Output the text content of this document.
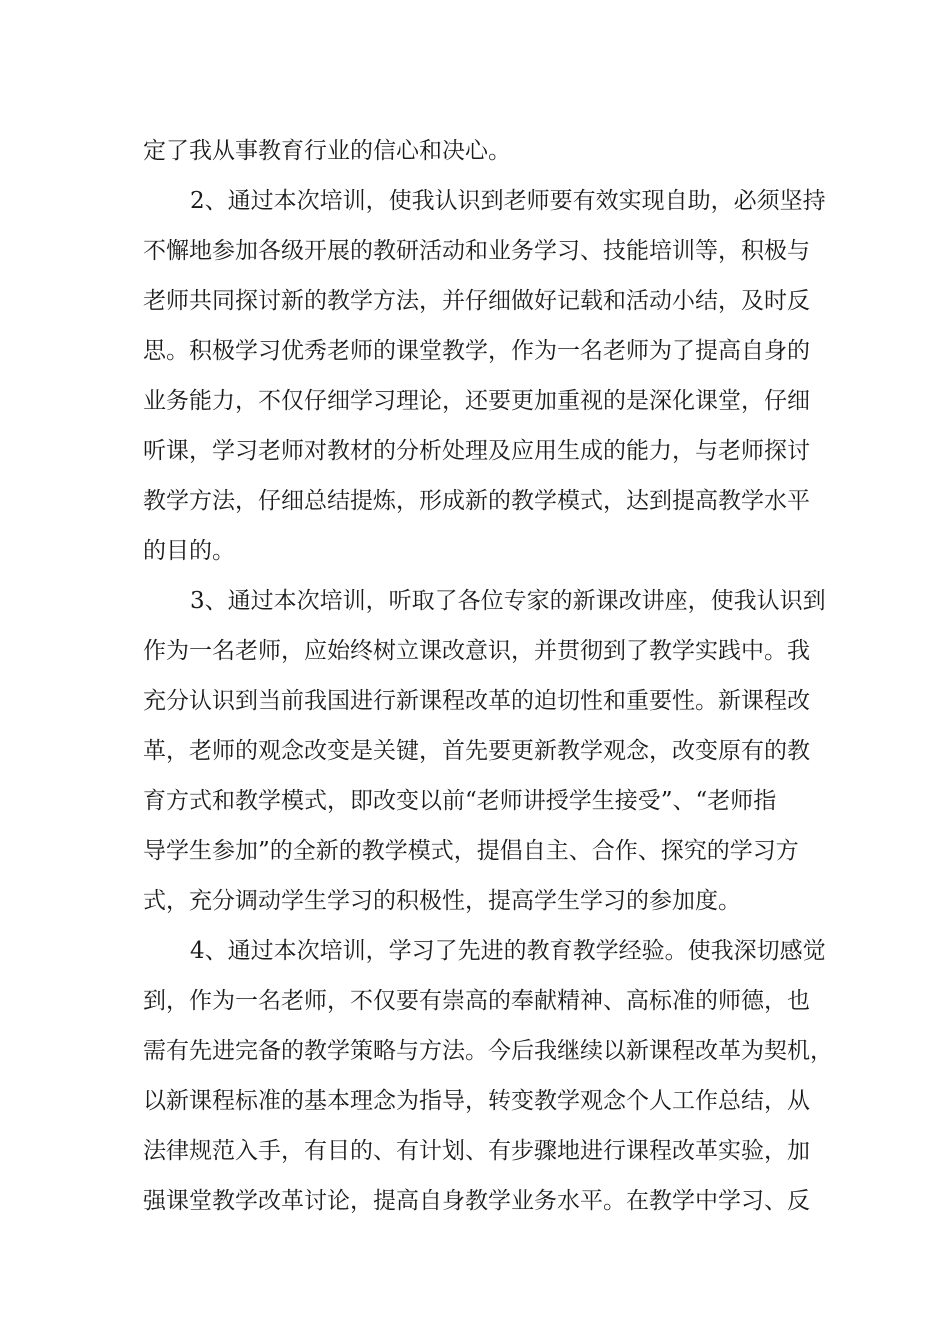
定了我从事教育行业的信心和决心。
2、通过本次培训，使我认识到老师要有效实现自助，必须坚持
不懈地参加各级开展的教研活动和业务学习、技能培训等，积极与
老师共同探讨新的教学方法，并仔细做好记载和活动小结，及时反
思。积极学习优秀老师的课堂教学，作为一名老师为了提高自身的
业务能力，不仅仔细学习理论，还要更加重视的是深化课堂，仔细
听课，学习老师对教材的分析处理及应用生成的能力，与老师探讨
教学方法，仔细总结提炼，形成新的教学模式，达到提高教学水平
的目的。
3、通过本次培训，听取了各位专家的新课改讲座，使我认识到
作为一名老师，应始终树立课改意识，并贯彻到了教学实践中。我
充分认识到当前我国进行新课程改革的迫切性和重要性。新课程改
革，老师的观念改变是关键，首先要更新教学观念，改变原有的教
育方式和教学模式，即改变以前“老师讲授学生接受”、“老师指
导学生参加”的全新的教学模式，提倡自主、合作、探究的学习方
式，充分调动学生学习的积极性，提高学生学习的参加度。
4、通过本次培训，学习了先进的教育教学经验。使我深切感觉
到，作为一名老师，不仅要有崇高的奉献精神、高标准的师德，也
需有先进完备的教学策略与方法。今后我继续以新课程改革为契机，
以新课程标准的基本理念为指导，转变教学观念个人工作总结，从
法律规范入手，有目的、有计划、有步骤地进行课程改革实验，加
强课堂教学改革讨论，提高自身教学业务水平。在教学中学习、反
